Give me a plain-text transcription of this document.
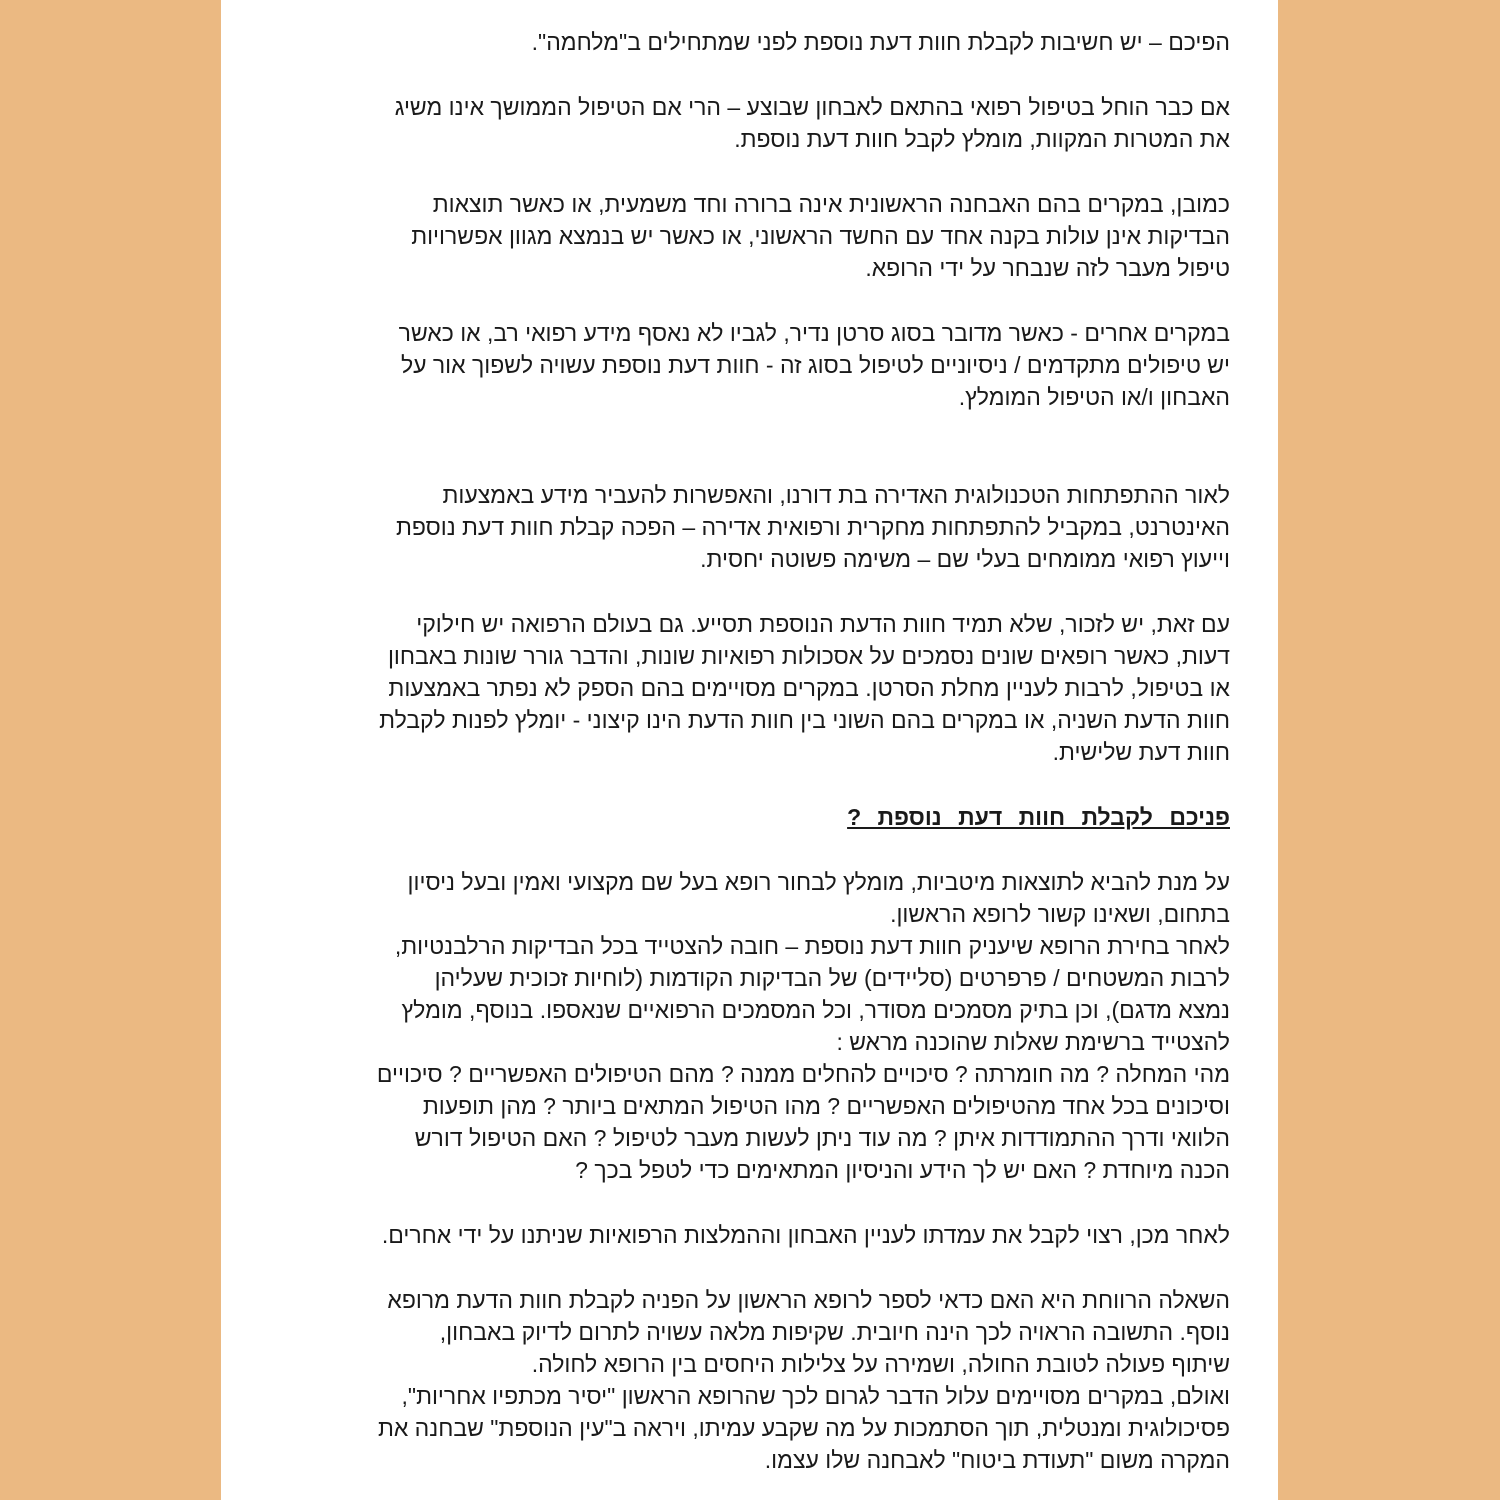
הפיכם – יש חשיבות לקבלת חוות דעת נוספת לפני שמתחילים ב"מלחמה".
אם כבר הוחל בטיפול רפואי בהתאם לאבחון שבוצע – הרי אם הטיפול הממושך אינו משיג
את המטרות המקוות, מומלץ לקבל חוות דעת נוספת.
כמובן, במקרים בהם האבחנה הראשונית אינה ברורה וחד משמעית, או כאשר תוצאות
הבדיקות אינן עולות בקנה אחד עם החשד הראשוני, או כאשר יש בנמצא מגוון אפשרויות
טיפול מעבר לזה שנבחר על ידי הרופא.
במקרים אחרים - כאשר מדובר בסוג סרטן נדיר, לגביו לא נאסף מידע רפואי רב, או כאשר
יש טיפולים מתקדמים / ניסיוניים לטיפול בסוג זה - חוות דעת נוספת עשויה לשפוך אור על
האבחון ו/או הטיפול המומלץ.
לאור ההתפתחות הטכנולוגית האדירה בת דורנו, והאפשרות להעביר מידע באמצעות
האינטרנט, במקביל להתפתחות מחקרית ורפואית אדירה – הפכה קבלת חוות דעת נוספת
וייעוץ רפואי ממומחים בעלי שם – משימה פשוטה יחסית.
עם זאת, יש לזכור, שלא תמיד חוות הדעת הנוספת תסייע. גם בעולם הרפואה יש חילוקי
דעות, כאשר רופאים שונים נסמכים על אסכולות רפואיות שונות, והדבר גורר שונות באבחון
או בטיפול, לרבות לעניין מחלת הסרטן. במקרים מסויימים בהם הספק לא נפתר באמצעות
חוות הדעת השניה, או במקרים בהם השוני בין חוות הדעת הינו קיצוני - יומלץ לפנות לקבלת
חוות דעת שלישית.
פניכם לקבלת חוות דעת נוספת ?
על מנת להביא לתוצאות מיטביות, מומלץ לבחור רופא בעל שם מקצועי ואמין ובעל ניסיון
בתחום, ושאינו קשור לרופא הראשון.
לאחר בחירת הרופא שיעניק חוות דעת נוספת – חובה להצטייד בכל הבדיקות הרלבנטיות,
לרבות המשטחים / פרפרטים (סליידים) של הבדיקות הקודמות (לוחיות זכוכית שעליהן
נמצא מדגם), וכן בתיק מסמכים מסודר, וכל המסמכים הרפואיים שנאספו. בנוסף, מומלץ
להצטייד ברשימת שאלות שהוכנה מראש :
מהי המחלה ? מה חומרתה ? סיכויים להחלים ממנה ? מהם הטיפולים האפשריים ? סיכויים
וסיכונים בכל אחד מהטיפולים האפשריים ? מהו הטיפול המתאים ביותר ? מהן תופעות
הלוואי ודרך ההתמודדות איתן ? מה עוד ניתן לעשות מעבר לטיפול ? האם הטיפול דורש
הכנה מיוחדת ? האם יש לך הידע והניסיון המתאימים כדי לטפל בכך ?
לאחר מכן, רצוי לקבל את עמדתו לעניין האבחון וההמלצות הרפואיות שניתנו על ידי אחרים.
השאלה הרווחת היא האם כדאי לספר לרופא הראשון על הפניה לקבלת חוות הדעת מרופא
נוסף. התשובה הראויה לכך הינה חיובית. שקיפות מלאה עשויה לתרום לדיוק באבחון,
שיתוף פעולה לטובת החולה, ושמירה על צלילות היחסים בין הרופא לחולה.
ואולם, במקרים מסויימים עלול הדבר לגרום לכך שהרופא הראשון "יסיר מכתפיו אחריות",
פסיכולוגית ומנטלית, תוך הסתמכות על מה שקבע עמיתו, ויראה ב"עין הנוספת" שבחנה את
המקרה משום "תעודת ביטוח" לאבחנה שלו עצמו.
